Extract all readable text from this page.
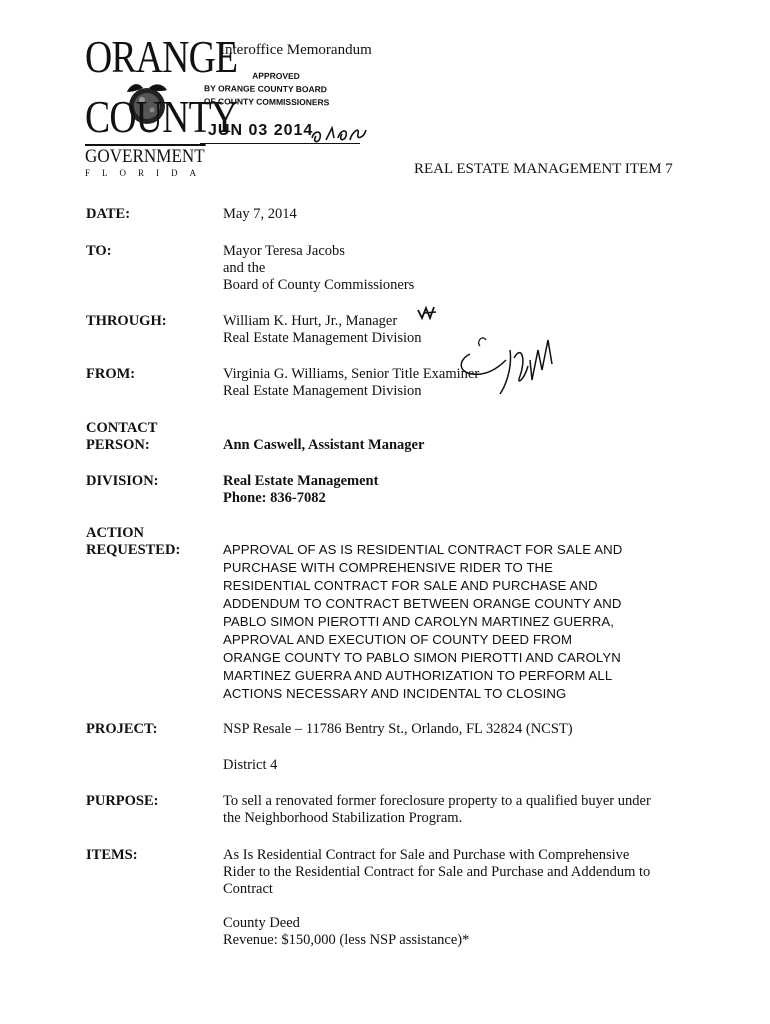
ORANGE
COUNTY
GOVERNMENT
FLORIDA
Interoffice Memorandum
APPROVED
BY ORANGE COUNTY BOARD
OF COUNTY COMMISSIONERS
JUN 03 2014
REAL ESTATE MANAGEMENT ITEM 7
DATE:	May 7, 2014
TO:	Mayor Teresa Jacobs
and the
Board of County Commissioners
THROUGH:	William K. Hurt, Jr., Manager
Real Estate Management Division
FROM:	Virginia G. Williams, Senior Title Examiner
Real Estate Management Division
CONTACT
PERSON:	Ann Caswell, Assistant Manager
DIVISION:	Real Estate Management
Phone: 836-7082
ACTION
REQUESTED:	APPROVAL OF AS IS RESIDENTIAL CONTRACT FOR SALE AND
PURCHASE WITH COMPREHENSIVE RIDER TO THE
RESIDENTIAL CONTRACT FOR SALE AND PURCHASE AND
ADDENDUM TO CONTRACT BETWEEN ORANGE COUNTY AND
PABLO SIMON PIEROTTI AND CAROLYN MARTINEZ GUERRA,
APPROVAL AND EXECUTION OF COUNTY DEED FROM
ORANGE COUNTY TO PABLO SIMON PIEROTTI AND CAROLYN
MARTINEZ GUERRA AND AUTHORIZATION TO PERFORM ALL
ACTIONS NECESSARY AND INCIDENTAL TO CLOSING
PROJECT:	NSP Resale – 11786 Bentry St., Orlando, FL 32824 (NCST)
District 4
PURPOSE:	To sell a renovated former foreclosure property to a qualified buyer under
the Neighborhood Stabilization Program.
ITEMS:	As Is Residential Contract for Sale and Purchase with Comprehensive
Rider to the Residential Contract for Sale and Purchase and Addendum to
Contract
County Deed
Revenue: $150,000 (less NSP assistance)*
